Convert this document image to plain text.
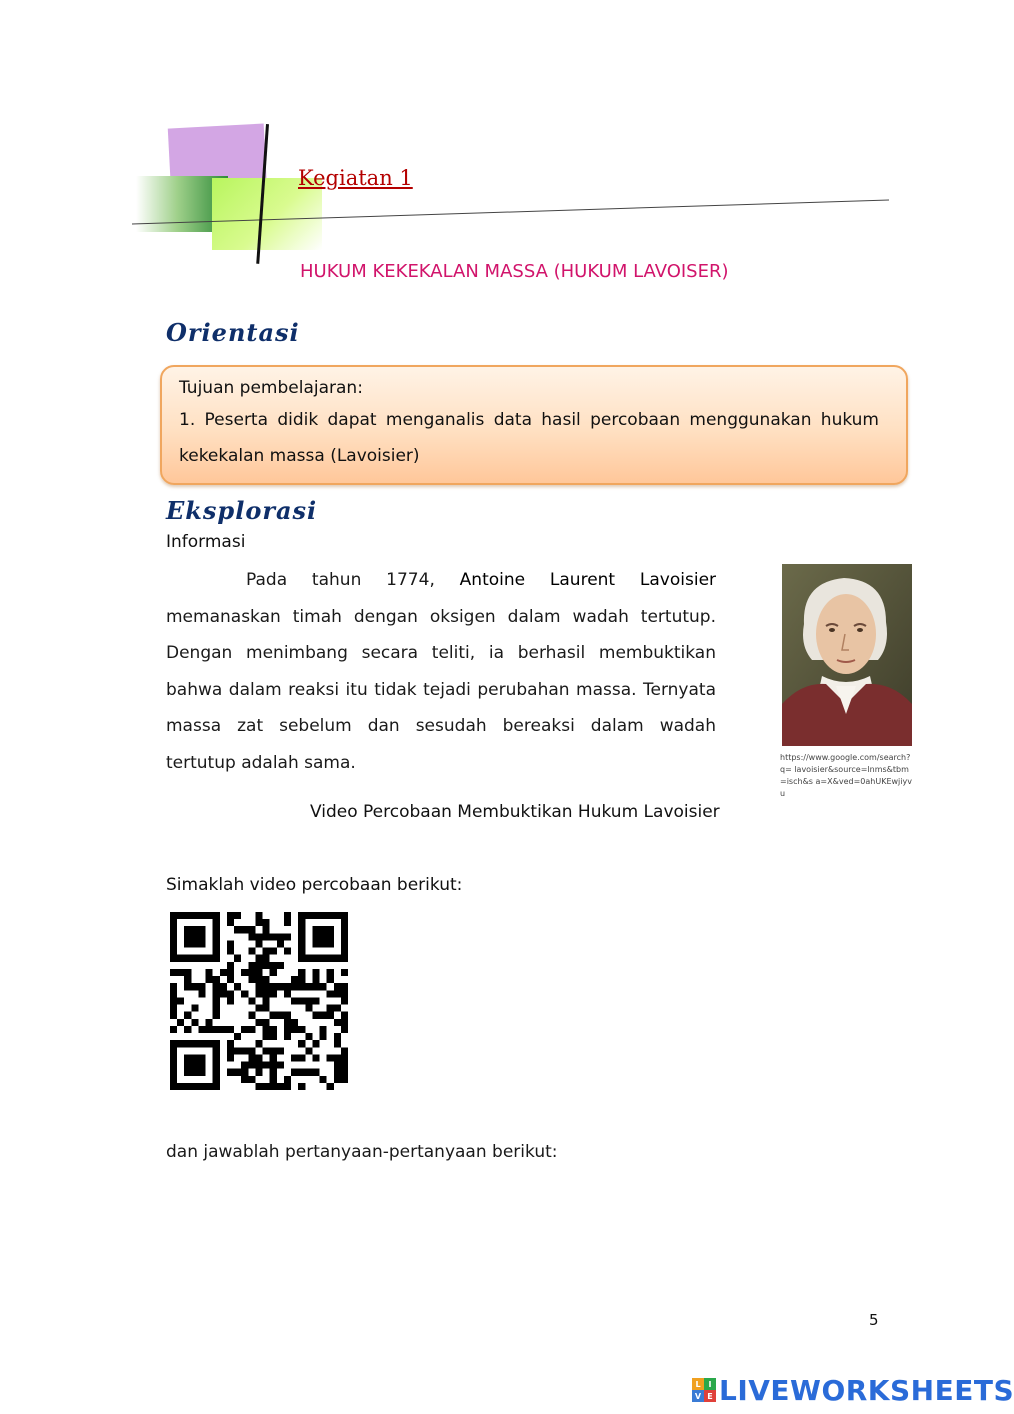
Kegiatan 1
HUKUM KEKEKALAN MASSA (HUKUM LAVOISER)
Orientasi
Tujuan pembelajaran:
1. Peserta didik dapat menganalis data hasil percobaan menggunakan hukum kekekalan massa (Lavoisier)
Eksplorasi
Informasi
Pada tahun 1774, Antoine Laurent Lavoisier memanaskan timah dengan oksigen dalam wadah tertutup. Dengan menimbang secara teliti, ia berhasil membuktikan bahwa dalam reaksi itu tidak tejadi perubahan massa. Ternyata massa zat sebelum dan sesudah bereaksi dalam wadah tertutup adalah sama.	https://www.google.com/search?q= lavoisier&source=lnms&tbm=isch&s a=X&ved=0ahUKEwjiyvu
Video Percobaan Membuktikan Hukum Lavoisier
Simaklah video percobaan berikut:
dan jawablah pertanyaan-pertanyaan berikut:
5
L I
V E LIVEWORKSHEETS
